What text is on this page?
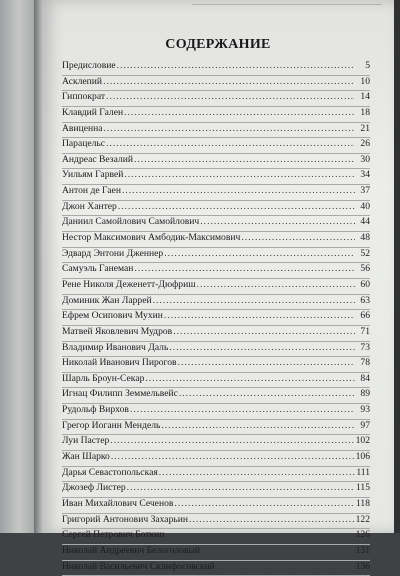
СОДЕРЖАНИЕ
Предисловие .....	5
Асклепий .....	10
Гиппократ .....	14
Клавдий Гален .....	18
Авиценна .....	21
Парацельс .....	26
Андреас Везалий .....	30
Уильям Гарвей .....	34
Антон де Гаен .....	37
Джон Хантер .....	40
Даниил Самойлович Самойлович .....	44
Нестор Максимович Амбодик-Максимович .....	48
Эдвард Энтони Дженнер .....	52
Самуэль Ганеман .....	56
Рене Николя Деженетт-Дюфриш .....	60
Доминик Жан Ларрей .....	63
Ефрем Осипович Мухин .....	66
Матвей Яковлевич Мудров .....	71
Владимир Иванович Даль .....	73
Николай Иванович Пирогов .....	78
Шарль Броун-Секар .....	84
Игнац Филипп Земмельвейс .....	89
Рудольф Вирхов .....	93
Грегор Иоганн Мендель .....	97
Луи Пастер .....	102
Жан Шарко .....	106
Дарья Севастопольская .....	111
Джозеф Листер .....	115
Иван Михайлович Сеченов .....	118
Григорий Антонович Захарьин .....	122
Сергей Петрович Боткин .....	126
Николай Андреевич Белоголовый .....	131
Николай Васильевич Склифосовский .....	136
